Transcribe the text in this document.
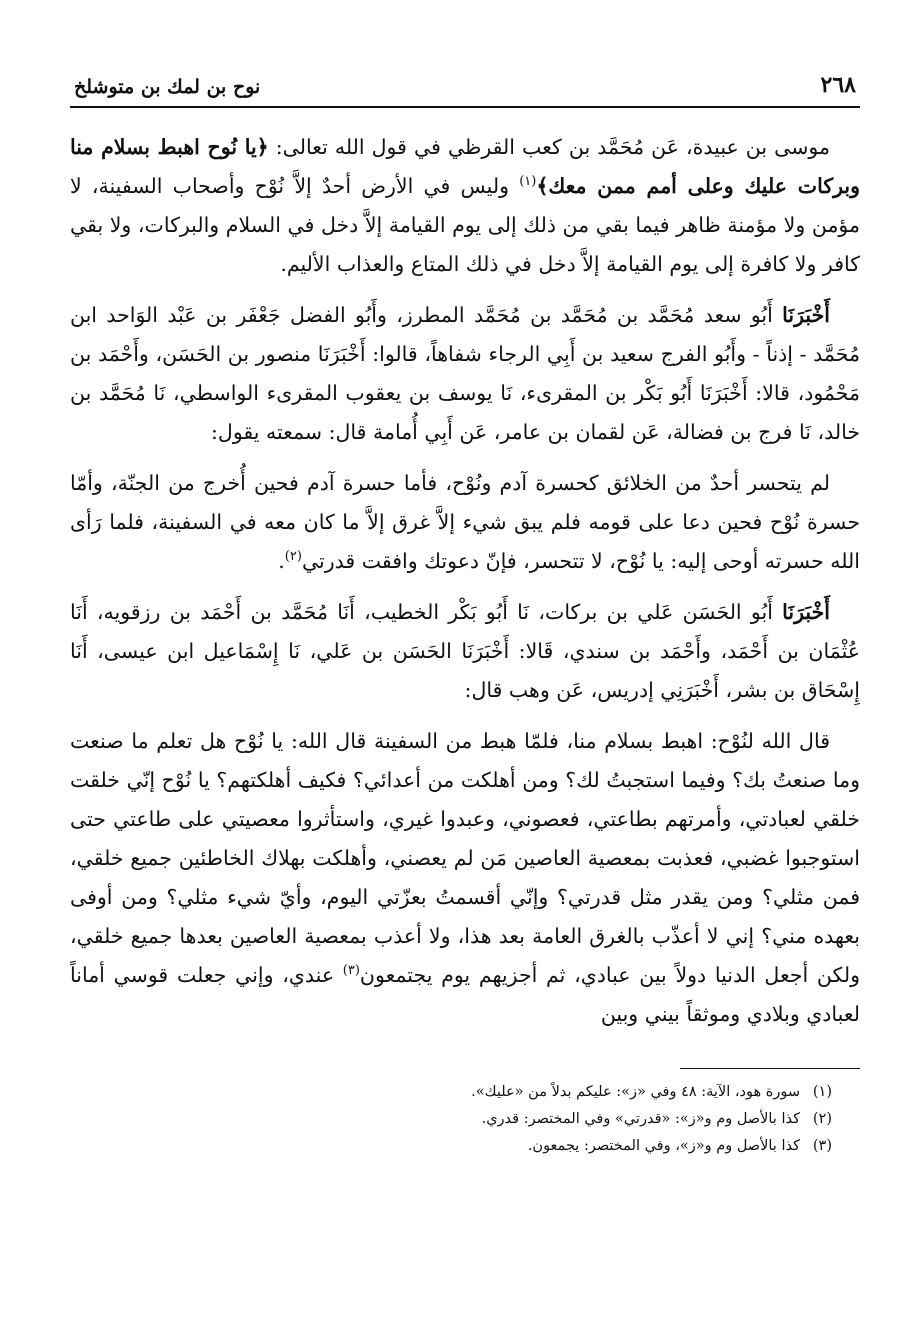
٢٦٨
نوح بن لمك بن متوشلخ

موسى بن عبيدة، عَن مُحَمَّد بن كعب القرظي في قول الله تعالى: ﴿يا نُوح اهبط بسلام منا وبركات عليك وعلى أمم ممن معك﴾$^{(١)}$ وليس في الأرض أحدٌ إلاَّ نُوْح وأصحاب السفينة، لا مؤمن ولا مؤمنة ظاهر فيما بقي من ذلك إلى يوم القيامة إلاَّ دخل في السلام والبركات، ولا بقي كافر ولا كافرة إلى يوم القيامة إلاَّ دخل في ذلك المتاع والعذاب الأليم.

أَخْبَرَنَا أَبُو سعد مُحَمَّد بن مُحَمَّد بن مُحَمَّد المطرز، وأَبُو الفضل جَعْفَر بن عَبْد الوَاحد ابن مُحَمَّد - إذناً - وأَبُو الفرج سعيد بن أَبِي الرجاء شفاهاً، قالوا: أَخْبَرَنَا منصور بن الحَسَن، وأَحْمَد بن مَحْمُود، قالا: أَخْبَرَنَا أَبُو بَكْر بن المقرىء، نَا يوسف بن يعقوب المقرىء الواسطي، نَا مُحَمَّد بن خالد، نَا فرج بن فضالة، عَن لقمان بن عامر، عَن أَبِي أُمامة قال: سمعته يقول:

لم يتحسر أحدٌ من الخلائق كحسرة آدم ونُوْح، فأما حسرة آدم فحين أُخرج من الجنّة، وأمّا حسرة نُوْح فحين دعا على قومه فلم يبق شيء إلاَّ غرق إلاَّ ما كان معه في السفينة، فلما رَأى الله حسرته أوحى إليه: يا نُوْح، لا تتحسر، فإنّ دعوتك وافقت قدرتي$^{(٢)}$.

أَخْبَرَنَا أَبُو الحَسَن عَلي بن بركات، نَا أَبُو بَكْر الخطيب، أَنَا مُحَمَّد بن أَحْمَد بن رزقويه، أَنَا عُثْمَان بن أَحْمَد، وأَحْمَد بن سندي، قَالا: أَخْبَرَنَا الحَسَن بن عَلي، نَا إِسْمَاعيل ابن عيسى، أَنَا إِسْحَاق بن بشر، أَخْبَرَنِي إدريس، عَن وهب قال:

قال الله لنُوْح: اهبط بسلام منا، فلمّا هبط من السفينة قال الله: يا نُوْح هل تعلم ما صنعت وما صنعتُ بك؟ وفيما استجبتُ لك؟ ومن أهلكت من أعدائي؟ فكيف أهلكتهم؟ يا نُوْح إنّي خلقت خلقي لعبادتي، وأمرتهم بطاعتي، فعصوني، وعبدوا غيري، واستأثروا معصيتي على طاعتي حتى استوجبوا غضبي، فعذبت بمعصية العاصين مَن لم يعصني، وأهلكت بهلاك الخاطئين جميع خلقي، فمن مثلي؟ ومن يقدر مثل قدرتي؟ وإنّي أقسمتُ بعزّتي اليوم، وأيّ شيء مثلي؟ ومن أوفى بعهده مني؟ إني لا أعذّب بالغرق العامة بعد هذا، ولا أعذب بمعصية العاصين بعدها جميع خلقي، ولكن أجعل الدنيا دولاً بين عبادي، ثم أجزيهم يوم يجتمعون$^{(٣)}$ عندي، وإني جعلت قوسي أماناً لعبادي وبلادي وموثقاً بيني وبين

(١)
سورة هود، الآية: ٤٨ وفي «ز»: عليكم بدلاً من «عليك».
(٢)
كذا بالأصل وم و«ز»: «قدرتي» وفي المختصر: قدري.
(٣)
كذا بالأصل وم و«ز»، وفي المختصر: يجمعون.
